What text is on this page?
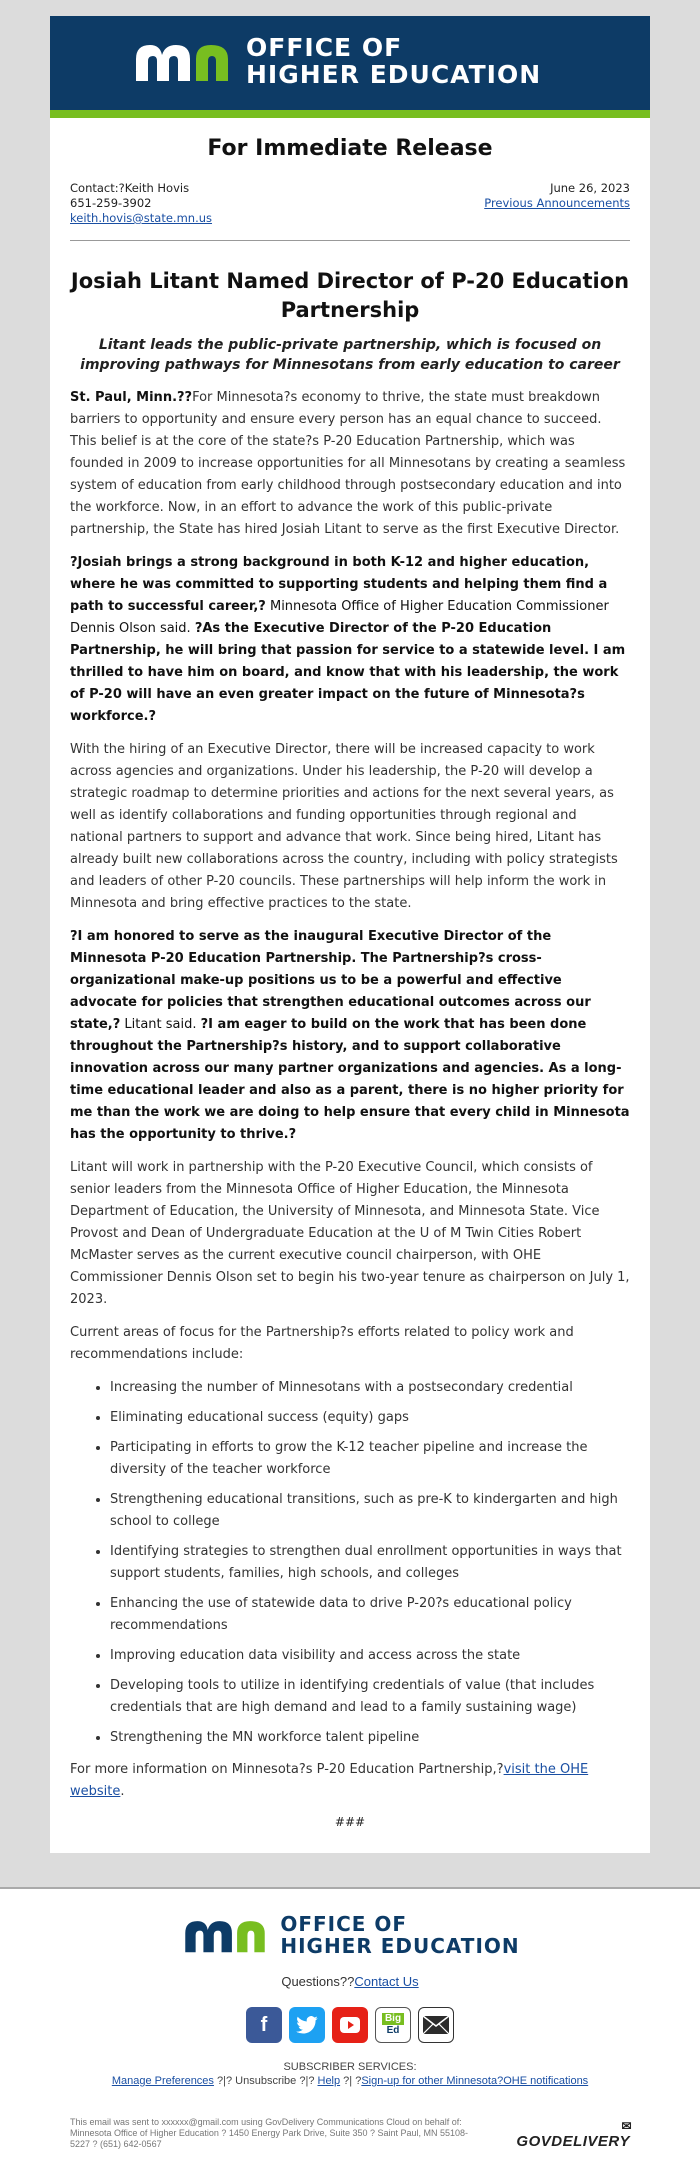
OFFICE OF
HIGHER EDUCATION
For Immediate Release
Contact:?Keith Hovis
651-259-3902
keith.hovis@state.mn.us
June 26, 2023
Previous Announcements
Josiah Litant Named Director of P-20 Education Partnership
Litant leads the public-private partnership, which is focused on improving pathways for Minnesotans from early education to career

St. Paul, Minn.??For Minnesota?s economy to thrive, the state must breakdown barriers to opportunity and ensure every person has an equal chance to succeed. This belief is at the core of the state?s P-20 Education Partnership, which was founded in 2009 to increase opportunities for all Minnesotans by creating a seamless system of education from early childhood through postsecondary education and into the workforce. Now, in an effort to advance the work of this public-private partnership, the State has hired Josiah Litant to serve as the first Executive Director.

?Josiah brings a strong background in both K-12 and higher education, where he was committed to supporting students and helping them find a path to successful career,? Minnesota Office of Higher Education Commissioner Dennis Olson said. ?As the Executive Director of the P-20 Education Partnership, he will bring that passion for service to a statewide level. I am thrilled to have him on board, and know that with his leadership, the work of P-20 will have an even greater impact on the future of Minnesota?s workforce.?

With the hiring of an Executive Director, there will be increased capacity to work across agencies and organizations. Under his leadership, the P-20 will develop a strategic roadmap to determine priorities and actions for the next several years, as well as identify collaborations and funding opportunities through regional and national partners to support and advance that work. Since being hired, Litant has already built new collaborations across the country, including with policy strategists and leaders of other P-20 councils. These partnerships will help inform the work in Minnesota and bring effective practices to the state.

?I am honored to serve as the inaugural Executive Director of the Minnesota P-20 Education Partnership. The Partnership?s cross-organizational make-up positions us to be a powerful and effective advocate for policies that strengthen educational outcomes across our state,? Litant said. ?I am eager to build on the work that has been done throughout the Partnership?s history, and to support collaborative innovation across our many partner organizations and agencies. As a long-time educational leader and also as a parent, there is no higher priority for me than the work we are doing to help ensure that every child in Minnesota has the opportunity to thrive.?

Litant will work in partnership with the P-20 Executive Council, which consists of senior leaders from the Minnesota Office of Higher Education, the Minnesota Department of Education, the University of Minnesota, and Minnesota State. Vice Provost and Dean of Undergraduate Education at the U of M Twin Cities Robert McMaster serves as the current executive council chairperson, with OHE Commissioner Dennis Olson set to begin his two-year tenure as chairperson on July 1, 2023.

Current areas of focus for the Partnership?s efforts related to policy work and recommendations include:

• Increasing the number of Minnesotans with a postsecondary credential
• Eliminating educational success (equity) gaps
• Participating in efforts to grow the K-12 teacher pipeline and increase the diversity of the teacher workforce
• Strengthening educational transitions, such as pre-K to kindergarten and high school to college
• Identifying strategies to strengthen dual enrollment opportunities in ways that support students, families, high schools, and colleges
• Enhancing the use of statewide data to drive P-20?s educational policy recommendations
• Improving education data visibility and access across the state
• Developing tools to utilize in identifying credentials of value (that includes credentials that are high demand and lead to a family sustaining wage)
• Strengthening the MN workforce talent pipeline

For more information on Minnesota?s P-20 Education Partnership,?visit the OHE website.

###
OFFICE OF
HIGHER EDUCATION
Questions??Contact Us
f	Big
Ed
SUBSCRIBER SERVICES:
Manage Preferences ?|? Unsubscribe ?|? Help ?| ?Sign-up for other Minnesota?OHE notifications
This email was sent to xxxxxx@gmail.com using GovDelivery Communications Cloud on behalf of: Minnesota Office of Higher Education ? 1450 Energy Park Drive, Suite 350 ? Saint Paul, MN 55108-5227 ? (651) 642-0567	GOVDELIVERY
✉
